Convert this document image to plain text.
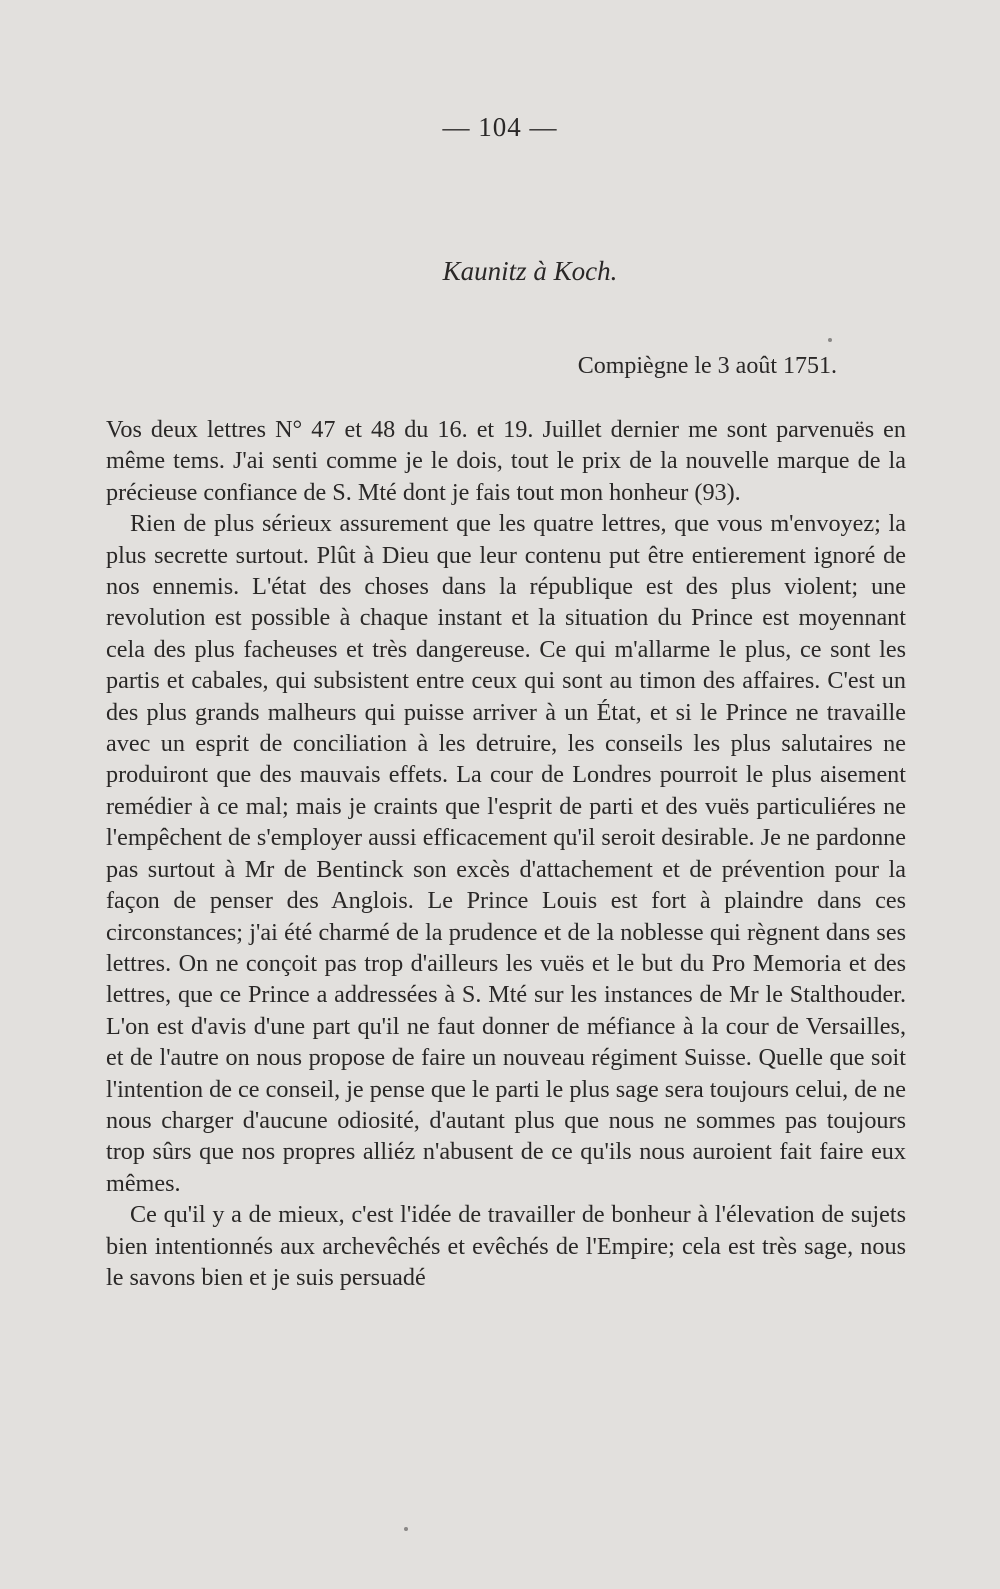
— 104 —
Kaunitz à Koch.
Compiègne le 3 août 1751.

Vos deux lettres N° 47 et 48 du 16. et 19. Juillet dernier me sont parvenuës en même tems. J'ai senti comme je le dois, tout le prix de la nouvelle marque de la précieuse confiance de S. Mté dont je fais tout mon honheur (93).

Rien de plus sérieux assurement que les quatre lettres, que vous m'envoyez; la plus secrette surtout. Plût à Dieu que leur contenu put être entierement ignoré de nos ennemis. L'état des choses dans la république est des plus violent; une revolution est possible à chaque instant et la situation du Prince est moyennant cela des plus facheuses et très dangereuse. Ce qui m'allarme le plus, ce sont les partis et cabales, qui subsistent entre ceux qui sont au timon des affaires. C'est un des plus grands malheurs qui puisse arriver à un État, et si le Prince ne travaille avec un esprit de conciliation à les detruire, les conseils les plus salutaires ne produiront que des mauvais effets. La cour de Londres pourroit le plus aisement remédier à ce mal; mais je craints que l'esprit de parti et des vuës particuliéres ne l'empêchent de s'employer aussi efficacement qu'il seroit desirable. Je ne pardonne pas surtout à Mr de Bentinck son excès d'attachement et de prévention pour la façon de penser des Anglois. Le Prince Louis est fort à plaindre dans ces circonstances; j'ai été charmé de la prudence et de la noblesse qui règnent dans ses lettres. On ne conçoit pas trop d'ailleurs les vuës et le but du Pro Memoria et des lettres, que ce Prince a addressées à S. Mté sur les instances de Mr le Stalthouder. L'on est d'avis d'une part qu'il ne faut donner de méfiance à la cour de Versailles, et de l'autre on nous propose de faire un nouveau régiment Suisse. Quelle que soit l'intention de ce conseil, je pense que le parti le plus sage sera toujours celui, de ne nous charger d'aucune odiosité, d'autant plus que nous ne sommes pas toujours trop sûrs que nos propres alliéz n'abusent de ce qu'ils nous auroient fait faire eux mêmes.

Ce qu'il y a de mieux, c'est l'idée de travailler de bonheur à l'élevation de sujets bien intentionnés aux archevêchés et evêchés de l'Empire; cela est très sage, nous le savons bien et je suis persuadé
